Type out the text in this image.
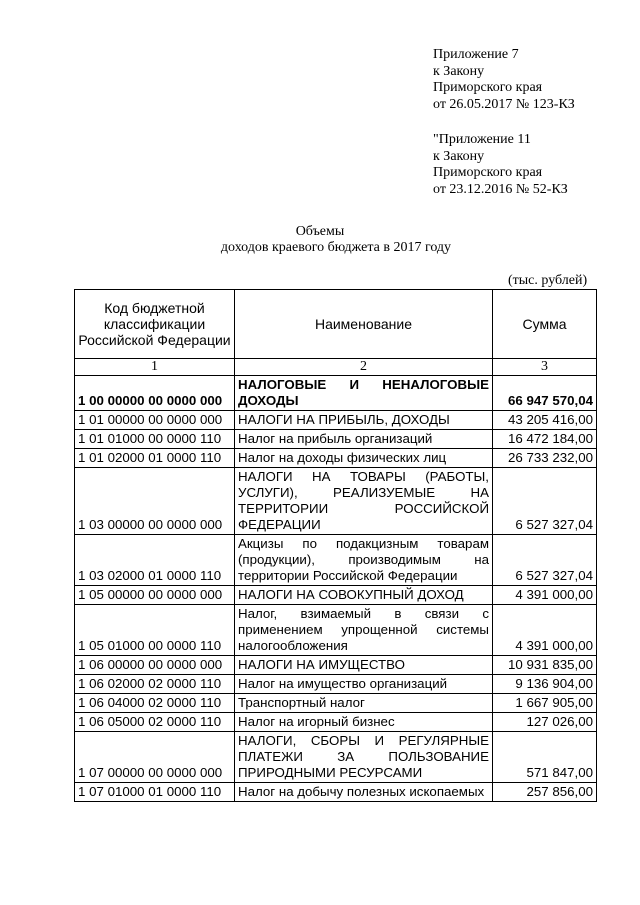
Приложение 7
к Закону
Приморского края
от 26.05.2017 № 123-КЗ
"Приложение 11
к Закону
Приморского края
от 23.12.2016 № 52-КЗ
Объемы
доходов краевого бюджета в 2017 году
(тыс. рублей)
Код бюджетной классификации Российской Федерации	Наименование	Сумма
1	2	3
1 00 00000 00 0000 000	НАЛОГОВЫЕ И НЕНАЛОГОВЫЕ ДОХОДЫ	66 947 570,04
1 01 00000 00 0000 000	НАЛОГИ НА ПРИБЫЛЬ, ДОХОДЫ	43 205 416,00
1 01 01000 00 0000 110	Налог на прибыль организаций	16 472 184,00
1 01 02000 01 0000 110	Налог на доходы физических лиц	26 733 232,00
1 03 00000 00 0000 000	НАЛОГИ НА ТОВАРЫ (РАБОТЫ, УСЛУГИ), РЕАЛИЗУЕМЫЕ НА ТЕРРИТОРИИ РОССИЙСКОЙ ФЕДЕРАЦИИ	6 527 327,04
1 03 02000 01 0000 110	Акцизы по подакцизным товарам (продукции), производимым на территории Российской Федерации	6 527 327,04
1 05 00000 00 0000 000	НАЛОГИ НА СОВОКУПНЫЙ ДОХОД	4 391 000,00
1 05 01000 00 0000 110	Налог, взимаемый в связи с применением упрощенной системы налогообложения	4 391 000,00
1 06 00000 00 0000 000	НАЛОГИ НА ИМУЩЕСТВО	10 931 835,00
1 06 02000 02 0000 110	Налог на имущество организаций	9 136 904,00
1 06 04000 02 0000 110	Транспортный налог	1 667 905,00
1 06 05000 02 0000 110	Налог на игорный бизнес	127 026,00
1 07 00000 00 0000 000	НАЛОГИ, СБОРЫ И РЕГУЛЯРНЫЕ ПЛАТЕЖИ ЗА ПОЛЬЗОВАНИЕ ПРИРОДНЫМИ РЕСУРСАМИ	571 847,00
1 07 01000 01 0000 110	Налог на добычу полезных ископаемых	257 856,00
